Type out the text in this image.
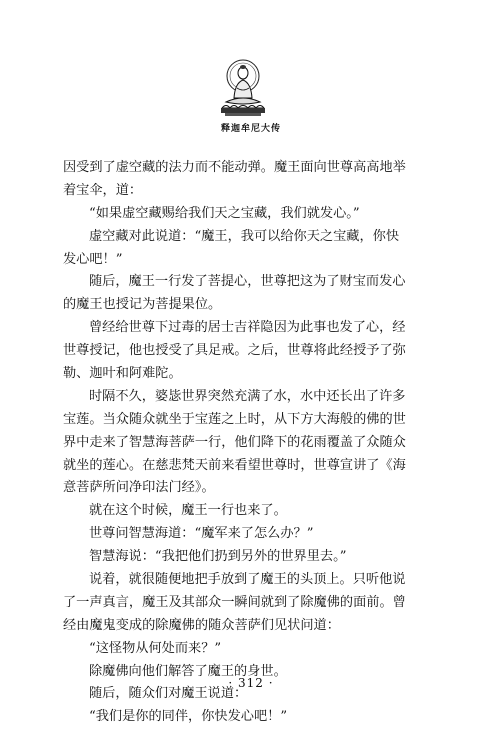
释迦牟尼大传
因受到了虚空藏的法力而不能动弹。魔王面向世尊高高地举
着宝伞，道：
“如果虚空藏赐给我们天之宝藏，我们就发心。”
虚空藏对此说道：“魔王，我可以给你天之宝藏，你快
发心吧！”
随后，魔王一行发了菩提心，世尊把这为了财宝而发心
的魔王也授记为菩提果位。
曾经给世尊下过毒的居士吉祥隐因为此事也发了心，经
世尊授记，他也授受了具足戒。之后，世尊将此经授予了弥
勒、迦叶和阿难陀。
时隔不久，婆毖世界突然充满了水，水中还长出了许多
宝莲。当众随众就坐于宝莲之上时，从下方大海般的佛的世
界中走来了智慧海菩萨一行，他们降下的花雨覆盖了众随众
就坐的莲心。在慈悲梵天前来看望世尊时，世尊宣讲了《海
意菩萨所问净印法门经》。
就在这个时候，魔王一行也来了。
世尊问智慧海道：“魔军来了怎么办？”
智慧海说：“我把他们扔到另外的世界里去。”
说着，就很随便地把手放到了魔王的头顶上。只听他说
了一声真言，魔王及其部众一瞬间就到了除魔佛的面前。曾
经由魔鬼变成的除魔佛的随众菩萨们见状问道：
“这怪物从何处而来？”
除魔佛向他们解答了魔王的身世。
随后，随众们对魔王说道：
“我们是你的同伴，你快发心吧！”
· 312 ·
